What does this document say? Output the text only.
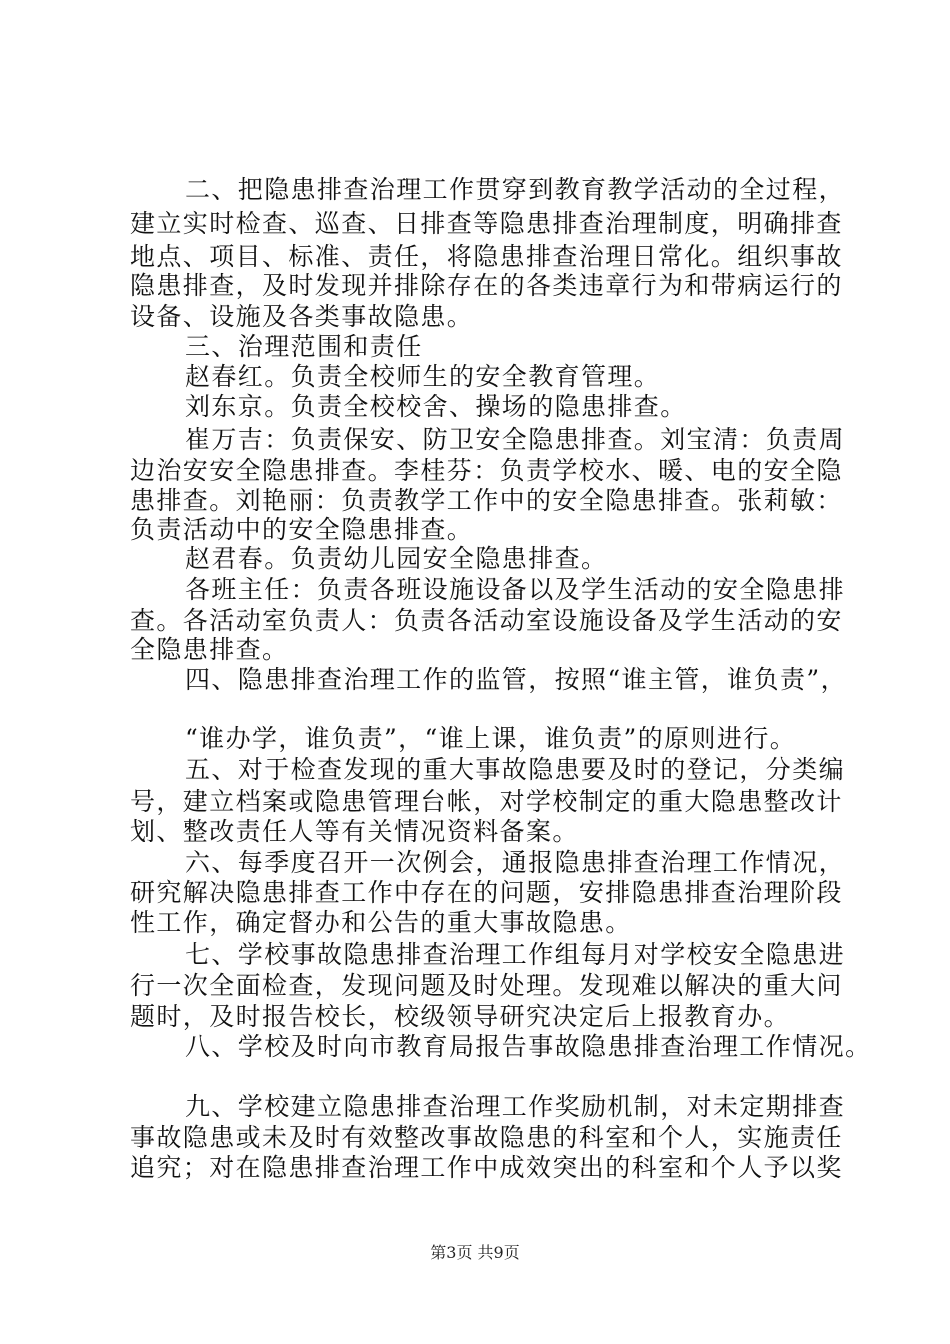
二、把隐患排查治理工作贯穿到教育教学活动的全过程，
建立实时检查、巡查、日排查等隐患排查治理制度，明确排查
地点、项目、标准、责任，将隐患排查治理日常化。组织事故
隐患排查，及时发现并排除存在的各类违章行为和带病运行的
设备、设施及各类事故隐患。
三、治理范围和责任
赵春红。负责全校师生的安全教育管理。
刘东京。负责全校校舍、操场的隐患排查。
崔万吉：负责保安、防卫安全隐患排查。刘宝清：负责周
边治安安全隐患排查。李桂芬：负责学校水、暖、电的安全隐
患排查。刘艳丽：负责教学工作中的安全隐患排查。张莉敏：
负责活动中的安全隐患排查。
赵君春。负责幼儿园安全隐患排查。
各班主任：负责各班设施设备以及学生活动的安全隐患排
查。各活动室负责人：负责各活动室设施设备及学生活动的安
全隐患排查。
四、隐患排查治理工作的监管，按照“谁主管，谁负责”，
“谁办学，谁负责”，“谁上课，谁负责”的原则进行。
五、对于检查发现的重大事故隐患要及时的登记，分类编
号，建立档案或隐患管理台帐，对学校制定的重大隐患整改计
划、整改责任人等有关情况资料备案。
六、每季度召开一次例会，通报隐患排查治理工作情况，
研究解决隐患排查工作中存在的问题，安排隐患排查治理阶段
性工作，确定督办和公告的重大事故隐患。
七、学校事故隐患排查治理工作组每月对学校安全隐患进
行一次全面检查，发现问题及时处理。发现难以解决的重大问
题时，及时报告校长，校级领导研究决定后上报教育办。
八、学校及时向市教育局报告事故隐患排查治理工作情况。
九、学校建立隐患排查治理工作奖励机制，对未定期排查
事故隐患或未及时有效整改事故隐患的科室和个人，实施责任
追究；对在隐患排查治理工作中成效突出的科室和个人予以奖
第3页 共9页
